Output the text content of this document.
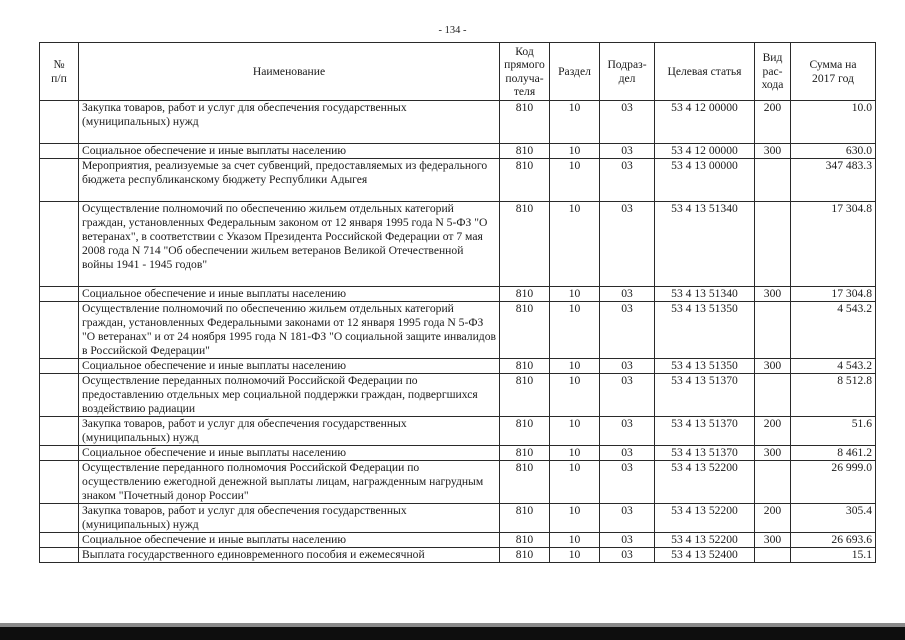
- 134 -
№
п/п	Наименование	Код
прямого
получа-
теля	Раздел	Подраз-
дел	Целевая статья	Вид
рас-
хода	Сумма на
2017 год
	Закупка товаров, работ и услуг для обеспечения государственных (муниципальных) нужд	810	10	03	53 4 12 00000	200	10.0
	Социальное обеспечение и иные выплаты населению	810	10	03	53 4 12 00000	300	630.0
	Мероприятия, реализуемые за счет субвенций, предоставляемых из федерального бюджета республиканскому бюджету Республики Адыгея	810	10	03	53 4 13 00000		347 483.3
	Осуществление полномочий по обеспечению жильем отдельных категорий граждан, установленных Федеральным законом от 12 января 1995 года N 5-ФЗ "О ветеранах", в соответствии с Указом Президента Российской Федерации от 7 мая 2008 года N 714 "Об обеспечении жильем ветеранов Великой Отечественной войны 1941 - 1945 годов"	810	10	03	53 4 13 51340		17 304.8
	Социальное обеспечение и иные выплаты населению	810	10	03	53 4 13 51340	300	17 304.8
	Осуществление полномочий по обеспечению жильем отдельных категорий граждан, установленных Федеральными законами от 12 января 1995 года N 5-ФЗ "О ветеранах" и от 24 ноября 1995 года N 181-ФЗ "О социальной защите инвалидов в Российской Федерации"	810	10	03	53 4 13 51350		4 543.2
	Социальное обеспечение и иные выплаты населению	810	10	03	53 4 13 51350	300	4 543.2
	Осуществление переданных полномочий Российской Федерации по предоставлению отдельных мер социальной поддержки граждан, подвергшихся воздействию радиации	810	10	03	53 4 13 51370		8 512.8
	Закупка товаров, работ и услуг для обеспечения государственных (муниципальных) нужд	810	10	03	53 4 13 51370	200	51.6
	Социальное обеспечение и иные выплаты населению	810	10	03	53 4 13 51370	300	8 461.2
	Осуществление переданного полномочия Российской Федерации по осуществлению ежегодной денежной выплаты лицам, награжденным нагрудным знаком "Почетный донор России"	810	10	03	53 4 13 52200		26 999.0
	Закупка товаров, работ и услуг для обеспечения государственных (муниципальных) нужд	810	10	03	53 4 13 52200	200	305.4
	Социальное обеспечение и иные выплаты населению	810	10	03	53 4 13 52200	300	26 693.6
	Выплата государственного единовременного пособия и ежемесячной	810	10	03	53 4 13 52400		15.1
